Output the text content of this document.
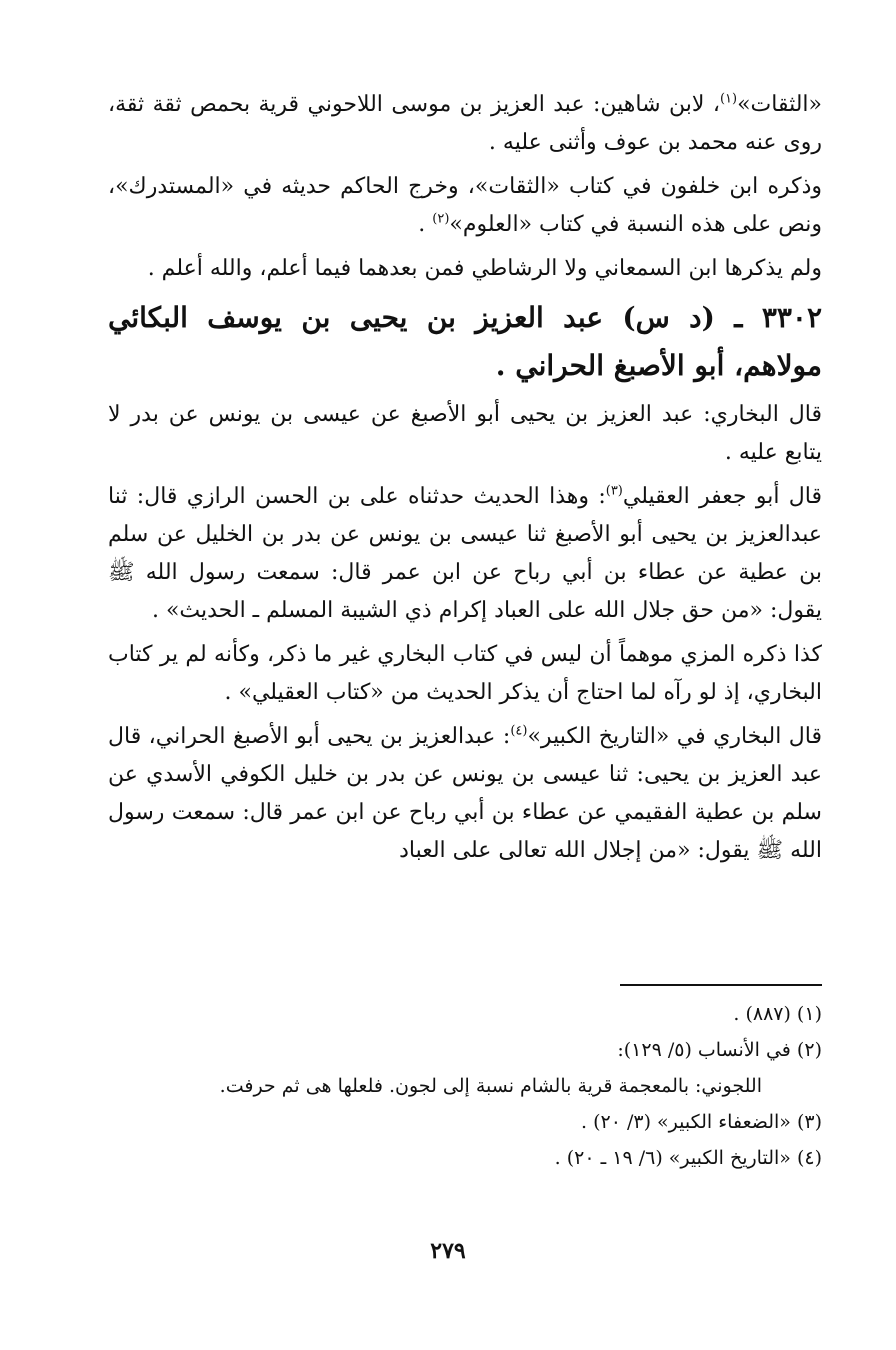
«الثقات»$^{(١)}$، لابن شاهين: عبد العزيز بن موسى اللاحوني قرية بحمص ثقة ثقة، روى عنه محمد بن عوف وأثنى عليه .

وذكره ابن خلفون في كتاب «الثقات»، وخرج الحاكم حديثه في «المستدرك»، ونص على هذه النسبة في كتاب «العلوم»$^{(٢)}$ .

ولم يذكرها ابن السمعاني ولا الرشاطي فمن بعدهما فيما أعلم، والله أعلم .

٣٣٠٢ ـ (د س) عبد العزيز بن يحيى بن يوسف البكائي مولاهم، أبو الأصبغ الحراني .

قال البخاري: عبد العزيز بن يحيى أبو الأصبغ عن عيسى بن يونس عن بدر لا يتابع عليه .

قال أبو جعفر العقيلي$^{(٣)}$: وهذا الحديث حدثناه على بن الحسن الرازي قال: ثنا عبدالعزيز بن يحيى أبو الأصبغ ثنا عيسى بن يونس عن بدر بن الخليل عن سلم بن عطية عن عطاء بن أبي رباح عن ابن عمر قال: سمعت رسول الله ﷺ يقول: «من حق جلال الله على العباد إكرام ذي الشيبة المسلم ـ الحديث» .

كذا ذكره المزي موهماً أن ليس في كتاب البخاري غير ما ذكر، وكأنه لم ير كتاب البخاري، إذ لو رآه لما احتاج أن يذكر الحديث من «كتاب العقيلي» .

قال البخاري في «التاريخ الكبير»$^{(٤)}$: عبدالعزيز بن يحيى أبو الأصبغ الحراني، قال عبد العزيز بن يحيى: ثنا عيسى بن يونس عن بدر بن خليل الكوفي الأسدي عن سلم بن عطية الفقيمي عن عطاء بن أبي رباح عن ابن عمر قال: سمعت رسول الله ﷺ يقول: «من إجلال الله تعالى على العباد

(١) (٨٨٧) .

(٢) في الأنساب (٥/ ١٢٩):

اللجوني: بالمعجمة قرية بالشام نسبة إلى لجون. فلعلها هى ثم حرفت.

(٣) «الضعفاء الكبير» (٣/ ٢٠) .

(٤) «التاريخ الكبير» (٦/ ١٩ ـ ٢٠) .

٢٧٩
